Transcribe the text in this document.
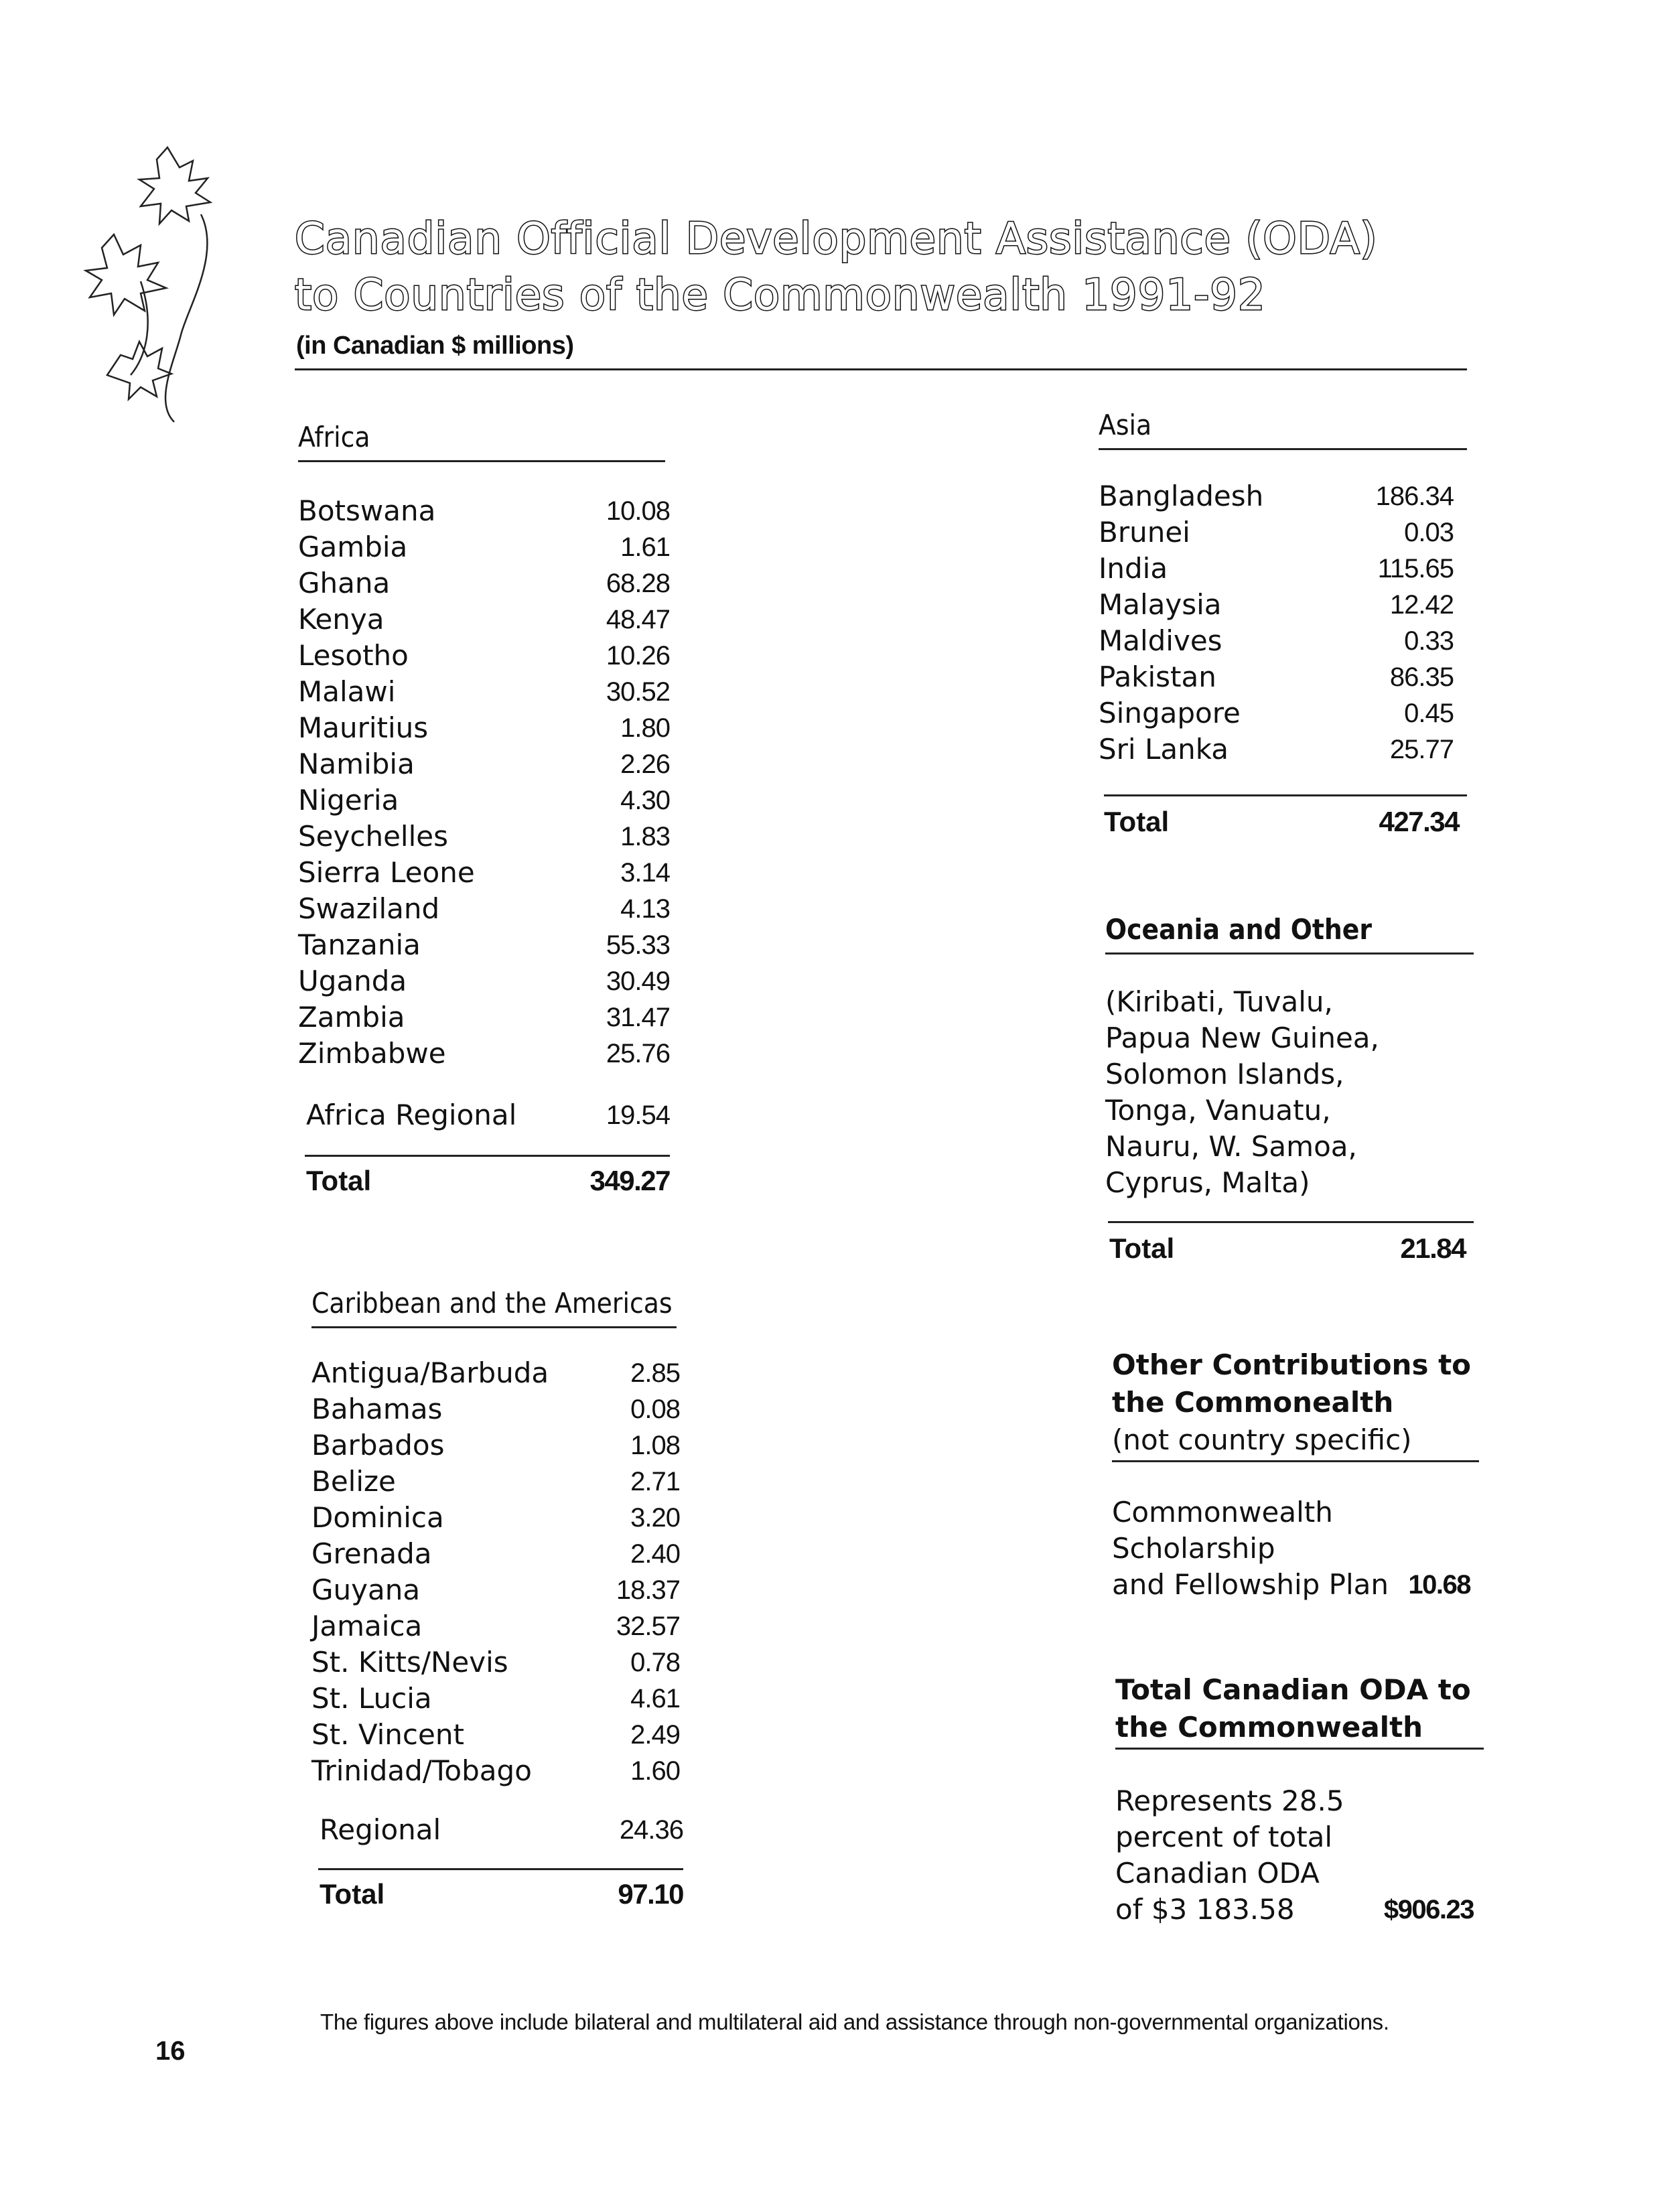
Canadian Official Development Assistance (ODA)
to Countries of the Commonwealth 1991-92
(in Canadian $ millions)
Africa
Botswana	10.08
Gambia	1.61
Ghana	68.28
Kenya	48.47
Lesotho	10.26
Malawi	30.52
Mauritius	1.80
Namibia	2.26
Nigeria	4.30
Seychelles	1.83
Sierra Leone	3.14
Swaziland	4.13
Tanzania	55.33
Uganda	30.49
Zambia	31.47
Zimbabwe	25.76
Africa Regional	19.54
Total	349.27
Caribbean and the Americas
Antigua/Barbuda	2.85
Bahamas	0.08
Barbados	1.08
Belize	2.71
Dominica	3.20
Grenada	2.40
Guyana	18.37
Jamaica	32.57
St. Kitts/Nevis	0.78
St. Lucia	4.61
St. Vincent	2.49
Trinidad/Tobago	1.60
Regional	24.36
Total	97.10
Asia
Bangladesh	186.34
Brunei	0.03
India	115.65
Malaysia	12.42
Maldives	0.33
Pakistan	86.35
Singapore	0.45
Sri Lanka	25.77
Total	427.34
Oceania and Other
(Kiribati, Tuvalu,
Papua New Guinea,
Solomon Islands,
Tonga, Vanuatu,
Nauru, W. Samoa,
Cyprus, Malta)
Total	21.84
Other Contributions to
the Commonealth
(not country specific)
Commonwealth
Scholarship
and Fellowship Plan 10.68
Total Canadian ODA to
the Commonwealth
Represents 28.5
percent of total
Canadian ODA
of $3 183.58	$906.23
The figures above include bilateral and multilateral aid and assistance through non-governmental organizations.
16
